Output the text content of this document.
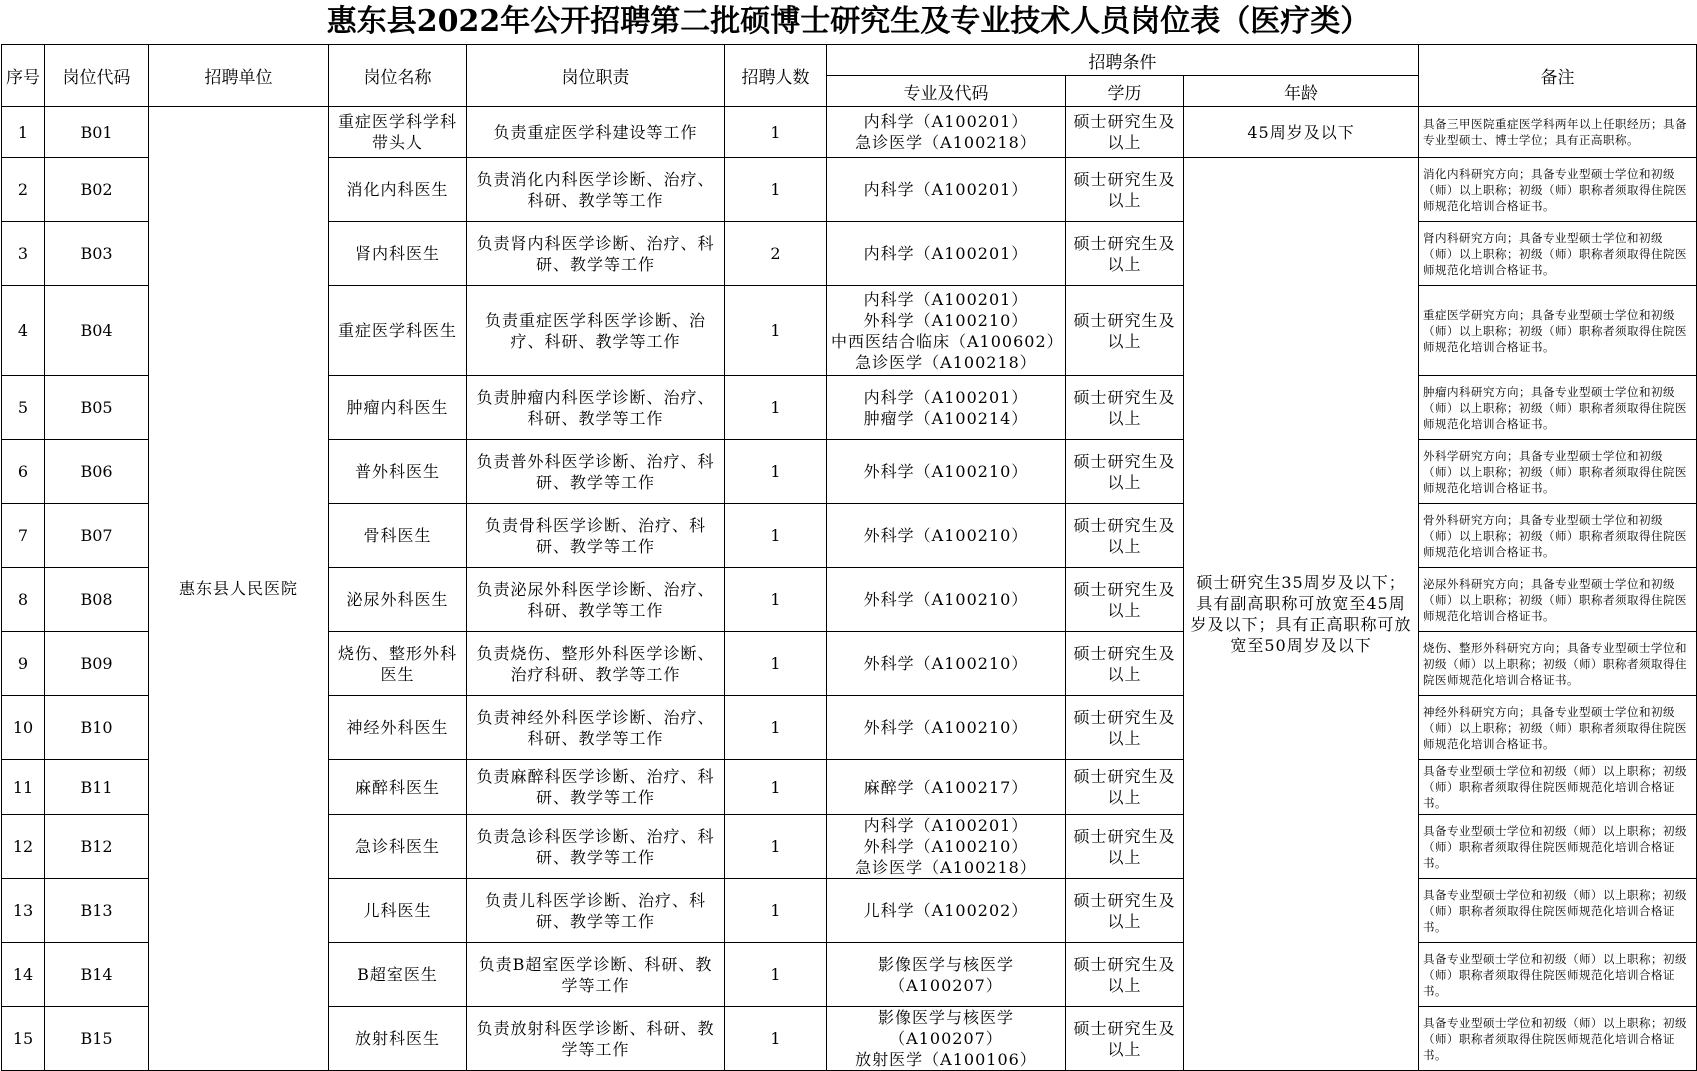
惠东县2022年公开招聘第二批硕博士研究生及专业技术人员岗位表（医疗类）
序号	岗位代码	招聘单位	岗位名称	岗位职责	招聘人数	招聘条件			备注
						专业及代码	学历	年龄	
1	B01	惠东县人民医院	重症医学科学科带头人	负责重症医学科建设等工作	1	内科学（A100201）
急诊医学（A100218）	硕士研究生及以上	45周岁及以下	具备三甲医院重症医学科两年以上任职经历；具备专业型硕士、博士学位；具有正高职称。
2	B02		消化内科医生	负责消化内科医学诊断、治疗、科研、教学等工作	1	内科学（A100201）	硕士研究生及以上	硕士研究生35周岁及以下；具有副高职称可放宽至45周岁及以下；具有正高职称可放宽至50周岁及以下	消化内科研究方向；具备专业型硕士学位和初级（师）以上职称；初级（师）职称者须取得住院医师规范化培训合格证书。
3	B03		肾内科医生	负责肾内科医学诊断、治疗、科研、教学等工作	2	内科学（A100201）	硕士研究生及以上		肾内科研究方向；具备专业型硕士学位和初级（师）以上职称；初级（师）职称者须取得住院医师规范化培训合格证书。
4	B04		重症医学科医生	负责重症医学科医学诊断、治疗、科研、教学等工作	1	内科学（A100201）
外科学（A100210）
中西医结合临床（A100602）
急诊医学（A100218）	硕士研究生及以上		重症医学研究方向；具备专业型硕士学位和初级（师）以上职称；初级（师）职称者须取得住院医师规范化培训合格证书。
5	B05		肿瘤内科医生	负责肿瘤内科医学诊断、治疗、科研、教学等工作	1	内科学（A100201）
肿瘤学（A100214）	硕士研究生及以上		肿瘤内科研究方向；具备专业型硕士学位和初级（师）以上职称；初级（师）职称者须取得住院医师规范化培训合格证书。
6	B06		普外科医生	负责普外科医学诊断、治疗、科研、教学等工作	1	外科学（A100210）	硕士研究生及以上		外科学研究方向；具备专业型硕士学位和初级（师）以上职称；初级（师）职称者须取得住院医师规范化培训合格证书。
7	B07		骨科医生	负责骨科医学诊断、治疗、科研、教学等工作	1	外科学（A100210）	硕士研究生及以上		骨外科研究方向；具备专业型硕士学位和初级（师）以上职称；初级（师）职称者须取得住院医师规范化培训合格证书。
8	B08		泌尿外科医生	负责泌尿外科医学诊断、治疗、科研、教学等工作	1	外科学（A100210）	硕士研究生及以上		泌尿外科研究方向；具备专业型硕士学位和初级（师）以上职称；初级（师）职称者须取得住院医师规范化培训合格证书。
9	B09		烧伤、整形外科医生	负责烧伤、整形外科医学诊断、治疗科研、教学等工作	1	外科学（A100210）	硕士研究生及以上		烧伤、整形外科研究方向；具备专业型硕士学位和初级（师）以上职称；初级（师）职称者须取得住院医师规范化培训合格证书。
10	B10		神经外科医生	负责神经外科医学诊断、治疗、科研、教学等工作	1	外科学（A100210）	硕士研究生及以上		神经外科研究方向；具备专业型硕士学位和初级（师）以上职称；初级（师）职称者须取得住院医师规范化培训合格证书。
11	B11		麻醉科医生	负责麻醉科医学诊断、治疗、科研、教学等工作	1	麻醉学（A100217）	硕士研究生及以上		具备专业型硕士学位和初级（师）以上职称；初级（师）职称者须取得住院医师规范化培训合格证书。
12	B12		急诊科医生	负责急诊科医学诊断、治疗、科研、教学等工作	1	内科学（A100201）
外科学（A100210）
急诊医学（A100218）	硕士研究生及以上		具备专业型硕士学位和初级（师）以上职称；初级（师）职称者须取得住院医师规范化培训合格证书。
13	B13		儿科医生	负责儿科医学诊断、治疗、科研、教学等工作	1	儿科学（A100202）	硕士研究生及以上		具备专业型硕士学位和初级（师）以上职称；初级（师）职称者须取得住院医师规范化培训合格证书。
14	B14		B超室医生	负责B超室医学诊断、科研、教学等工作	1	影像医学与核医学（A100207）	硕士研究生及以上		具备专业型硕士学位和初级（师）以上职称；初级（师）职称者须取得住院医师规范化培训合格证书。
15	B15		放射科医生	负责放射科医学诊断、科研、教学等工作	1	影像医学与核医学（A100207）
放射医学（A100106）	硕士研究生及以上		具备专业型硕士学位和初级（师）以上职称；初级（师）职称者须取得住院医师规范化培训合格证书。
